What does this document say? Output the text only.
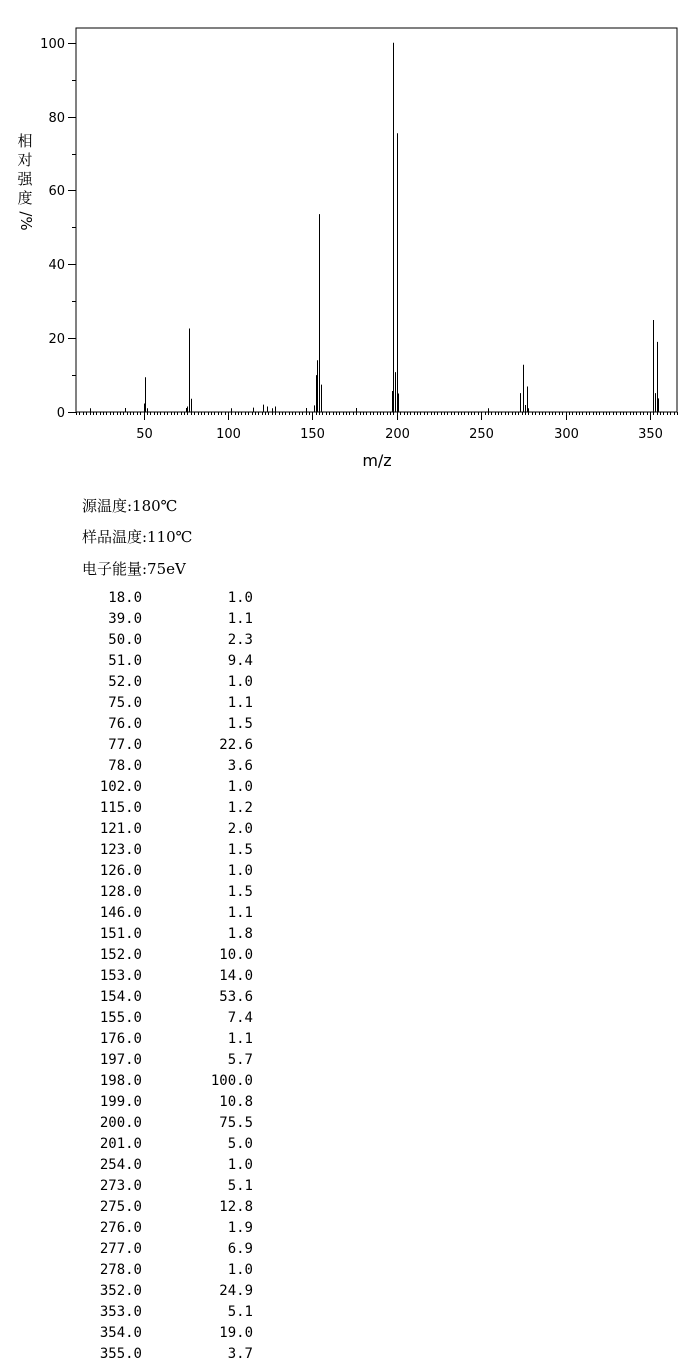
50	100	150	200	250	300	350
0
20
40
60
80
100
m/z
相
对
强
度
/%
源温度:180℃
样品温度:110℃
电子能量:75eV
18.0	1.0
39.0	1.1
50.0	2.3
51.0	9.4
52.0	1.0
75.0	1.1
76.0	1.5
77.0	22.6
78.0	3.6
102.0	1.0
115.0	1.2
121.0	2.0
123.0	1.5
126.0	1.0
128.0	1.5
146.0	1.1
151.0	1.8
152.0	10.0
153.0	14.0
154.0	53.6
155.0	7.4
176.0	1.1
197.0	5.7
198.0	100.0
199.0	10.8
200.0	75.5
201.0	5.0
254.0	1.0
273.0	5.1
275.0	12.8
276.0	1.9
277.0	6.9
278.0	1.0
352.0	24.9
353.0	5.1
354.0	19.0
355.0	3.7
